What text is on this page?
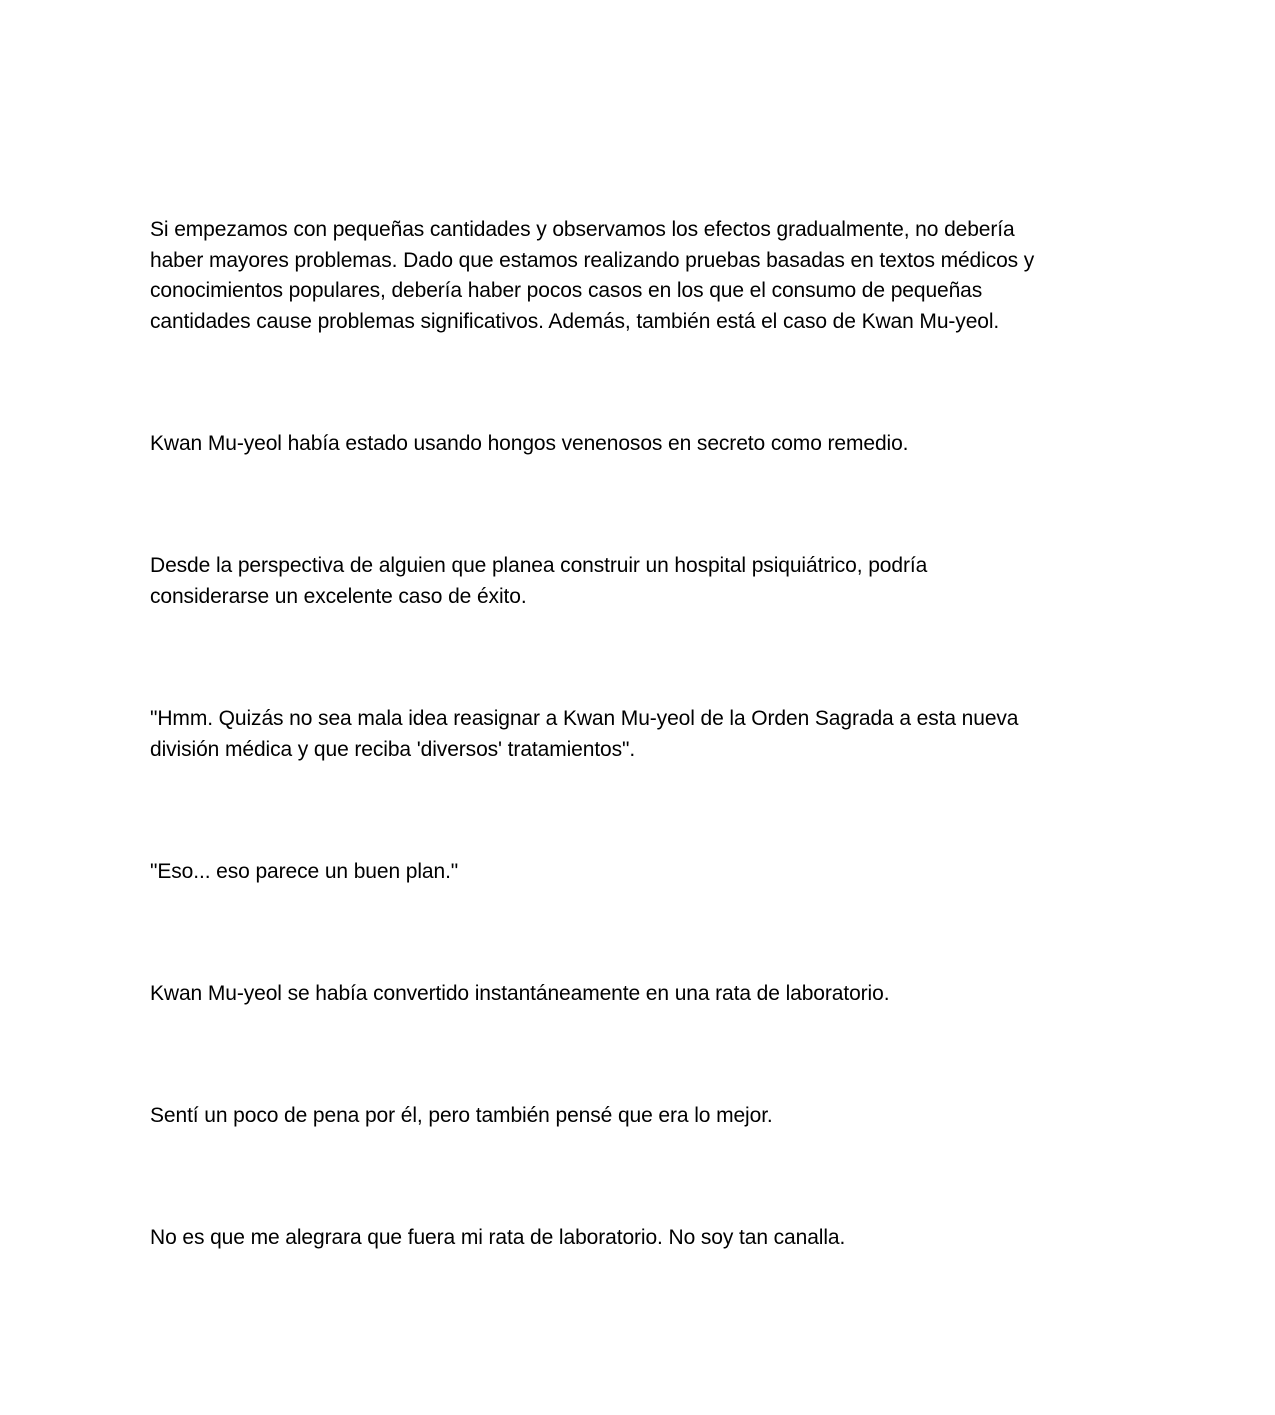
Si empezamos con pequeñas cantidades y observamos los efectos gradualmente, no debería
haber mayores problemas. Dado que estamos realizando pruebas basadas en textos médicos y
conocimientos populares, debería haber pocos casos en los que el consumo de pequeñas
cantidades cause problemas significativos. Además, también está el caso de Kwan Mu-yeol.

Kwan Mu-yeol había estado usando hongos venenosos en secreto como remedio.

Desde la perspectiva de alguien que planea construir un hospital psiquiátrico, podría
considerarse un excelente caso de éxito.

"Hmm. Quizás no sea mala idea reasignar a Kwan Mu-yeol de la Orden Sagrada a esta nueva
división médica y que reciba 'diversos' tratamientos".

"Eso... eso parece un buen plan."

Kwan Mu-yeol se había convertido instantáneamente en una rata de laboratorio.

Sentí un poco de pena por él, pero también pensé que era lo mejor.

No es que me alegrara que fuera mi rata de laboratorio. No soy tan canalla.
